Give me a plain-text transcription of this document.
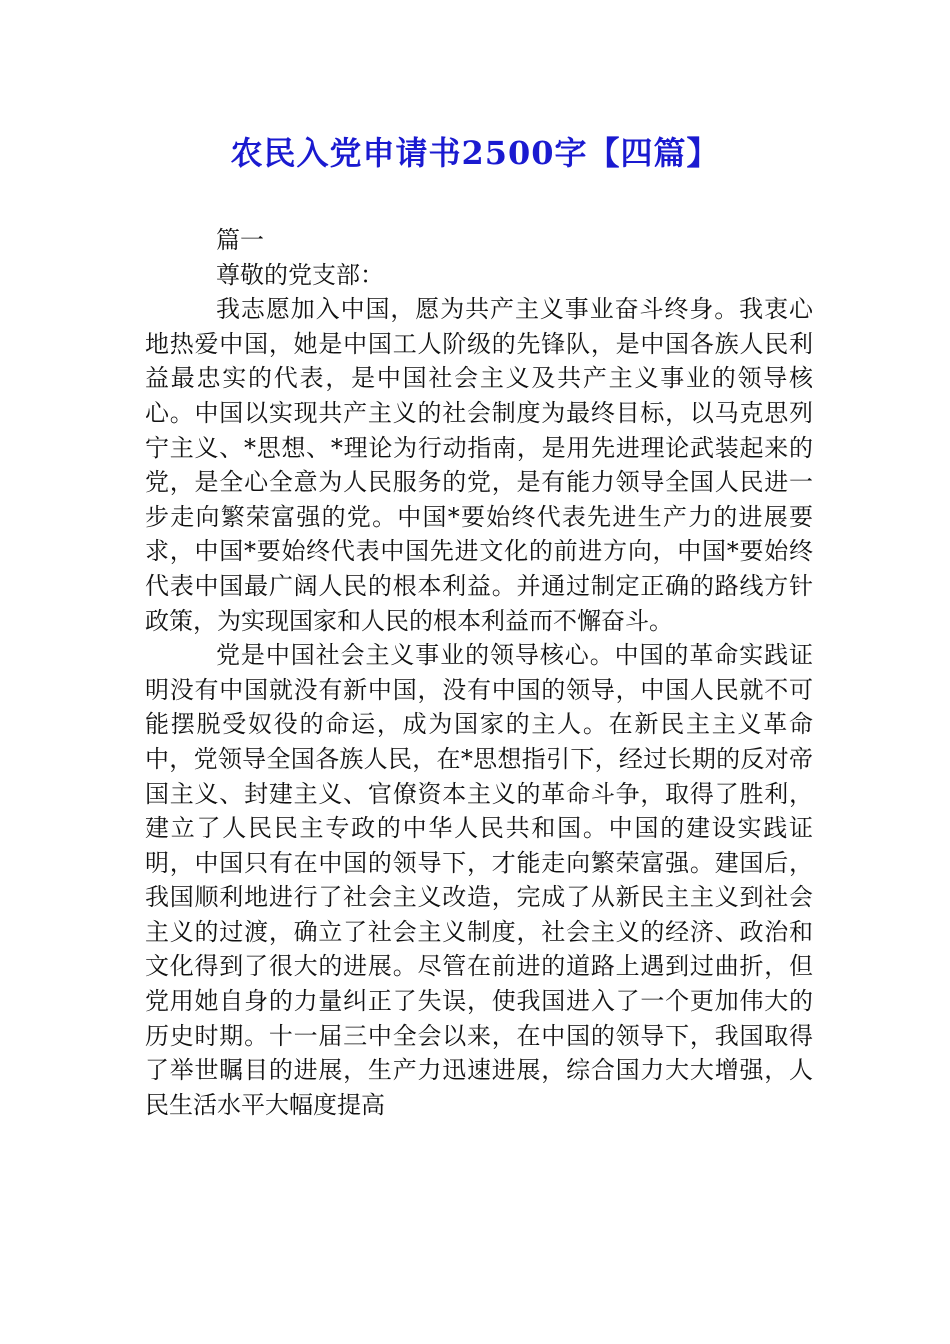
农民入党申请书2500字【四篇】

篇一

尊敬的党支部：

我志愿加入中国，愿为共产主义事业奋斗终身。我衷心地热爱中国，她是中国工人阶级的先锋队，是中国各族人民利益最忠实的代表，是中国社会主义及共产主义事业的领导核心。中国以实现共产主义的社会制度为最终目标，以马克思列宁主义、*思想、*理论为行动指南，是用先进理论武装起来的党，是全心全意为人民服务的党，是有能力领导全国人民进一步走向繁荣富强的党。中国*要始终代表先进生产力的进展要求，中国*要始终代表中国先进文化的前进方向，中国*要始终代表中国最广阔人民的根本利益。并通过制定正确的路线方针政策，为实现国家和人民的根本利益而不懈奋斗。

党是中国社会主义事业的领导核心。中国的革命实践证明没有中国就没有新中国，没有中国的领导，中国人民就不可能摆脱受奴役的命运，成为国家的主人。在新民主主义革命中，党领导全国各族人民，在*思想指引下，经过长期的反对帝国主义、封建主义、官僚资本主义的革命斗争，取得了胜利，建立了人民民主专政的中华人民共和国。中国的建设实践证明，中国只有在中国的领导下，才能走向繁荣富强。建国后，我国顺利地进行了社会主义改造，完成了从新民主主义到社会主义的过渡，确立了社会主义制度，社会主义的经济、政治和文化得到了很大的进展。尽管在前进的道路上遇到过曲折，但党用她自身的力量纠正了失误，使我国进入了一个更加伟大的历史时期。十一届三中全会以来，在中国的领导下，我国取得了举世瞩目的进展，生产力迅速进展，综合国力大大增强，人民生活水平大幅度提高
